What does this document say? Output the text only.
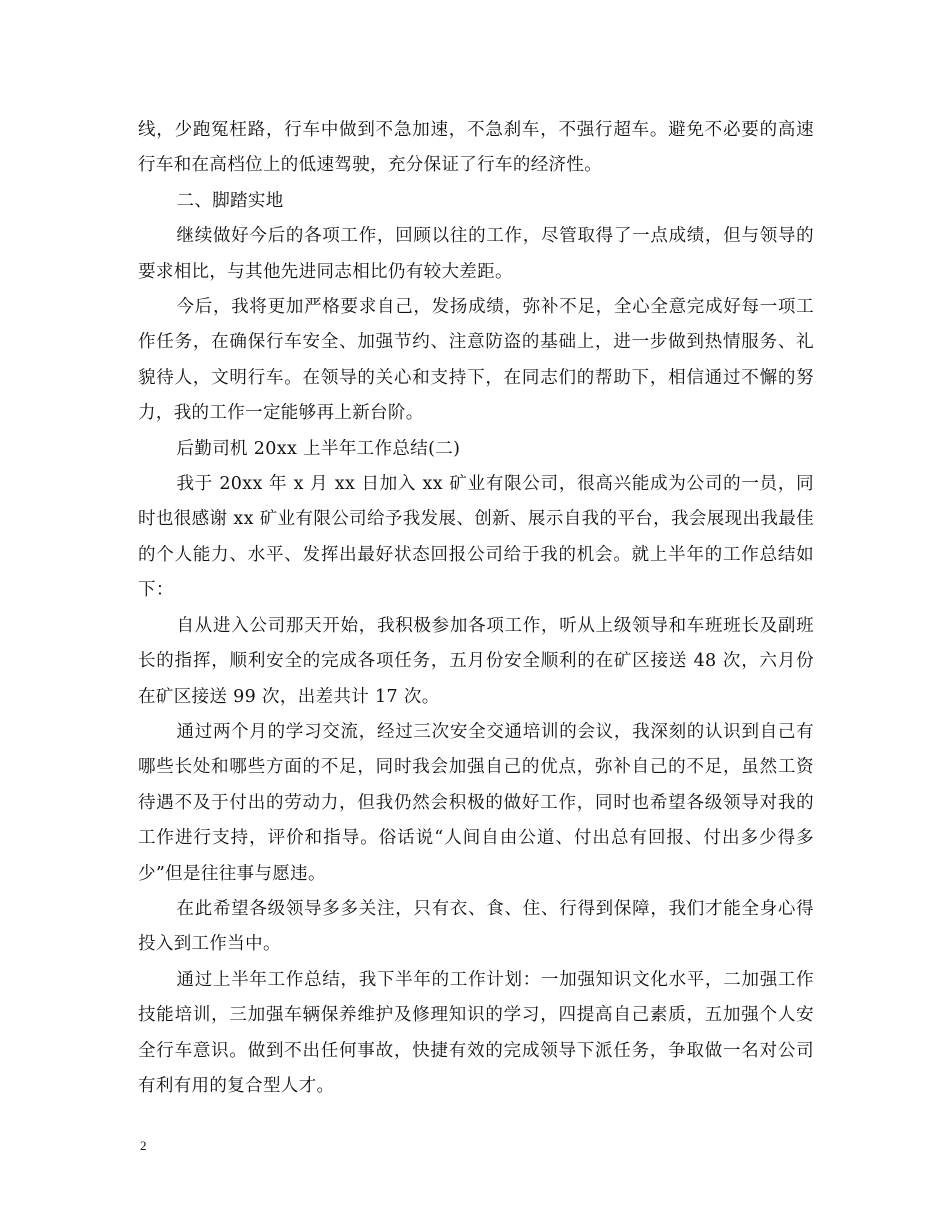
线，少跑冤枉路，行车中做到不急加速，不急刹车，不强行超车。避免不必要的高速行车和在高档位上的低速驾驶，充分保证了行车的经济性。

二、脚踏实地

继续做好今后的各项工作，回顾以往的工作，尽管取得了一点成绩，但与领导的要求相比，与其他先进同志相比仍有较大差距。

今后，我将更加严格要求自己，发扬成绩，弥补不足，全心全意完成好每一项工作任务，在确保行车安全、加强节约、注意防盗的基础上，进一步做到热情服务、礼貌待人，文明行车。在领导的关心和支持下，在同志们的帮助下，相信通过不懈的努力，我的工作一定能够再上新台阶。

后勤司机 20xx 上半年工作总结(二)

我于 20xx 年 x 月 xx 日加入 xx 矿业有限公司，很高兴能成为公司的一员，同时也很感谢 xx 矿业有限公司给予我发展、创新、展示自我的平台，我会展现出我最佳的个人能力、水平、发挥出最好状态回报公司给于我的机会。就上半年的工作总结如下：

自从进入公司那天开始，我积极参加各项工作，听从上级领导和车班班长及副班长的指挥，顺利安全的完成各项任务，五月份安全顺利的在矿区接送 48 次，六月份在矿区接送 99 次，出差共计 17 次。

通过两个月的学习交流，经过三次安全交通培训的会议，我深刻的认识到自己有哪些长处和哪些方面的不足，同时我会加强自己的优点，弥补自己的不足，虽然工资待遇不及于付出的劳动力，但我仍然会积极的做好工作，同时也希望各级领导对我的工作进行支持，评价和指导。俗话说“人间自由公道、付出总有回报、付出多少得多少”但是往往事与愿违。

在此希望各级领导多多关注，只有衣、食、住、行得到保障，我们才能全身心得投入到工作当中。

通过上半年工作总结，我下半年的工作计划：一加强知识文化水平，二加强工作技能培训，三加强车辆保养维护及修理知识的学习，四提高自己素质，五加强个人安全行车意识。做到不出任何事故，快捷有效的完成领导下派任务，争取做一名对公司有利有用的复合型人才。

2
